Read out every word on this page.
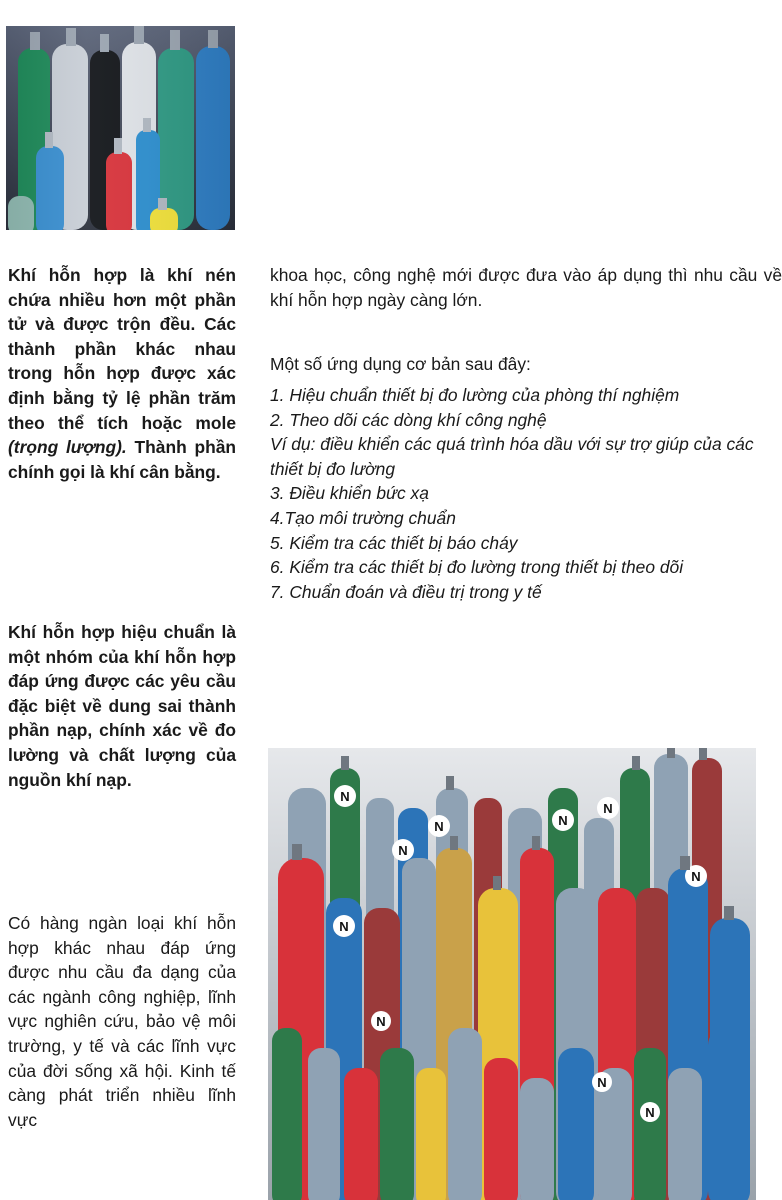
Khí hỗn hợp là khí nén chứa nhiều hơn một phần tử và được trộn đều. Các thành phần khác nhau trong hỗn hợp được xác định bằng tỷ lệ phần trăm theo thể tích hoặc mole (trọng lượng). Thành phần chính gọi là khí cân bằng.
Khí hỗn hợp hiệu chuẩn là một nhóm của khí hỗn hợp đáp ứng được các yêu cầu đặc biệt về dung sai thành phần nạp, chính xác về đo lường và chất lượng của nguồn khí nạp.
Có hàng ngàn loại khí hỗn hợp khác nhau đáp ứng được nhu cầu đa dạng của các ngành công nghiệp, lĩnh vực nghiên cứu, bảo vệ môi trường, y tế và các lĩnh vực của đời sống xã hội. Kinh tế càng phát triển nhiều lĩnh vực
khoa học, công nghệ mới được đưa vào áp dụng thì nhu cầu về khí hỗn hợp ngày càng lớn.
Một số ứng dụng cơ bản sau đây:
1. Hiệu chuẩn thiết bị đo lường của phòng thí nghiệm
2. Theo dõi các dòng khí công nghệ
Ví dụ: điều khiển các quá trình hóa dầu với sự trợ giúp của các thiết bị đo lường
3. Điều khiển bức xạ
4.Tạo môi trường chuẩn
5. Kiểm tra các thiết bị báo cháy
6. Kiểm tra các thiết bị đo lường trong thiết bị theo dõi
7. Chuẩn đoán và điều trị trong y tế
N
N	N
N
N
N
N
N
N
N
